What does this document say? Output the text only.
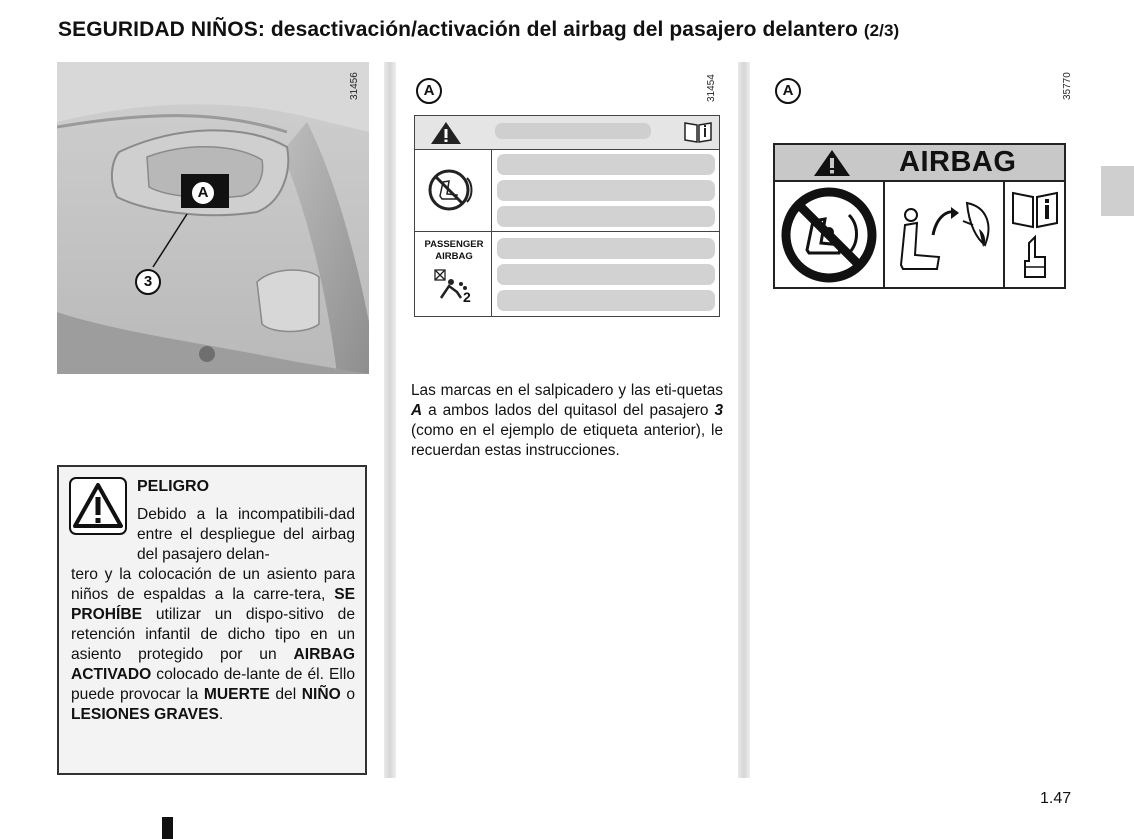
SEGURIDAD NIÑOS: desactivación/activación del airbag del pasajero delantero (2/3)
A
3
31456
PELIGRO

Debido a la incompatibili-dad entre el despliegue del airbag del pasajero delan-

tero y la colocación de un asiento para niños de espaldas a la carre-tera, SE PROHÍBE utilizar un dispo-sitivo de retención infantil de dicho tipo en un asiento protegido por un AIRBAG ACTIVADO colocado de-lante de él. Ello puede provocar la MUERTE del NIÑO o LESIONES GRAVES.

A	31454
PASSENGER AIRBAG
2
Las marcas en el salpicadero y las eti-quetas A a ambos lados del quitasol del pasajero 3 (como en el ejemplo de etiqueta anterior), le recuerdan estas instrucciones.
A	35770
AIRBAG
1.47
